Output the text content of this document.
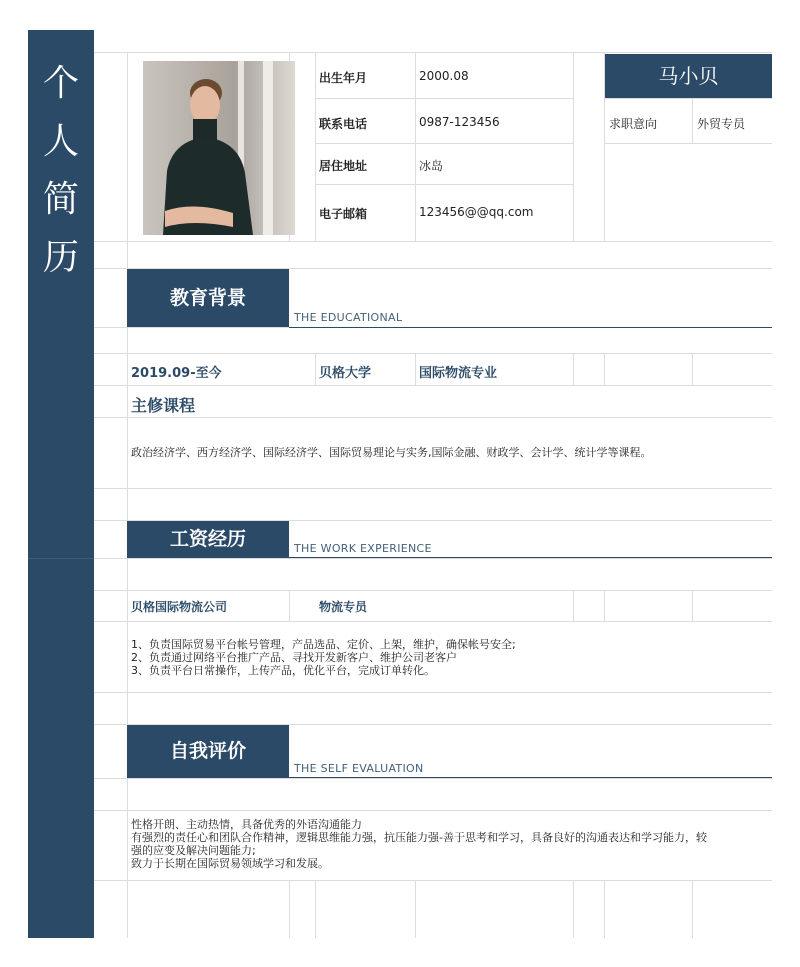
个
人
简
历
出生年月	2000.08
联系电话	0987-123456
居住地址	冰岛
电子邮箱	123456@@qq.com
马小贝
求职意向	外贸专员
教育背景
THE EDUCATIONAL
2019.09-至今	贝格大学	国际物流专业
主修课程
政治经济学、西方经济学、国际经济学、国际贸易理论与实务,国际金融、财政学、会计学、统计学等课程。
工资经历	THE WORK EXPERIENCE
贝格国际物流公司	物流专员
1、负责国际贸易平台帐号管理，产品选品、定价、上架，维护，确保帐号安全;
2、负责通过网络平台推广产品、寻找开发新客户、维护公司老客户
3、负责平台日常操作，上传产品，优化平台，完成订单转化。
自我评价
THE SELF EVALUATION
性格开朗、主动热情，具备优秀的外语沟通能力
有强烈的责任心和团队合作精神，逻辑思维能力强，抗压能力强-善于思考和学习，具备良好的沟通表达和学习能力，较
强的应变及解决问题能力;
致力于长期在国际贸易领域学习和发展。
